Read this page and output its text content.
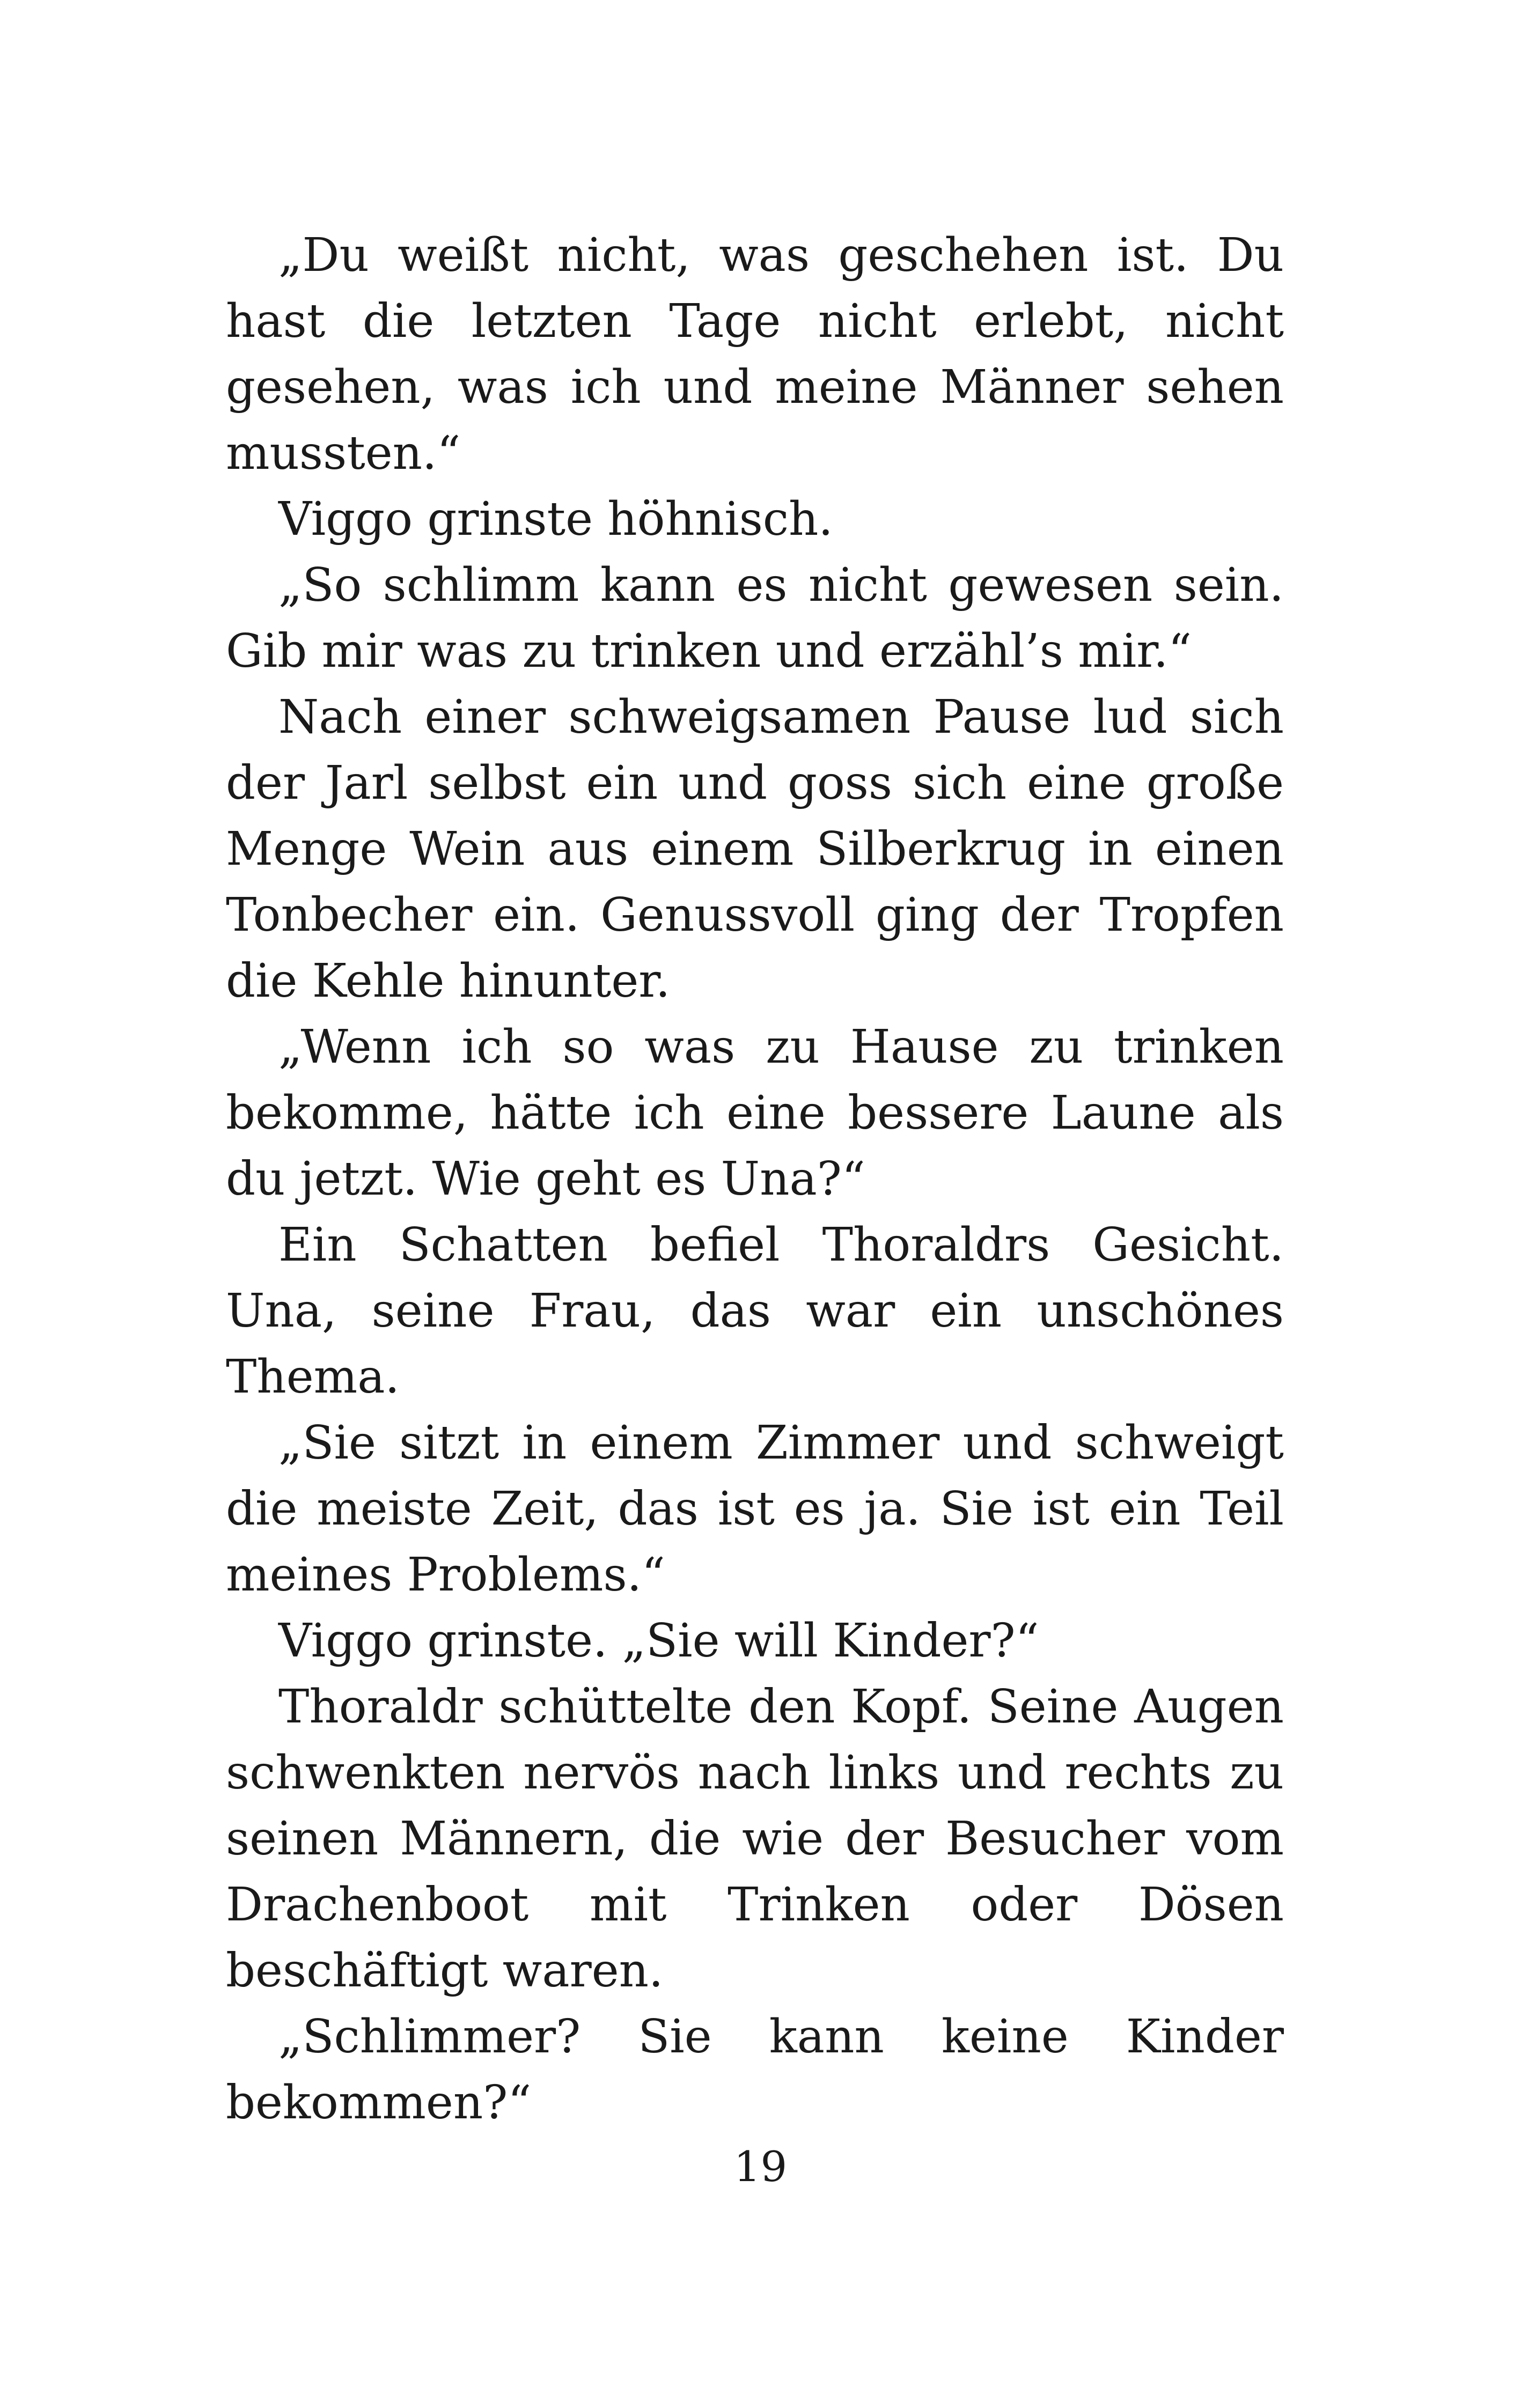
„Du weißt nicht, was geschehen ist. Du hast die letzten Tage nicht erlebt, nicht gesehen, was ich und meine Männer sehen mussten.“

Viggo grinste höhnisch.

„So schlimm kann es nicht gewesen sein. Gib mir was zu trinken und erzähl’s mir.“

Nach einer schweigsamen Pause lud sich der Jarl selbst ein und goss sich eine große Menge Wein aus einem Silberkrug in einen Tonbecher ein. Genussvoll ging der Tropfen die Kehle hinunter.

„Wenn ich so was zu Hause zu trinken bekomme, hätte ich eine bessere Laune als du jetzt. Wie geht es Una?“

Ein Schatten befiel Thoraldrs Gesicht. Una, seine Frau, das war ein unschönes Thema.

„Sie sitzt in einem Zimmer und schweigt die meiste Zeit, das ist es ja. Sie ist ein Teil meines Problems.“

Viggo grinste. „Sie will Kinder?“

Thoraldr schüttelte den Kopf. Seine Augen schwenkten nervös nach links und rechts zu seinen Männern, die wie der Besucher vom Drachenboot mit Trinken oder Dösen beschäftigt waren.

„Schlimmer? Sie kann keine Kinder bekommen?“

19
